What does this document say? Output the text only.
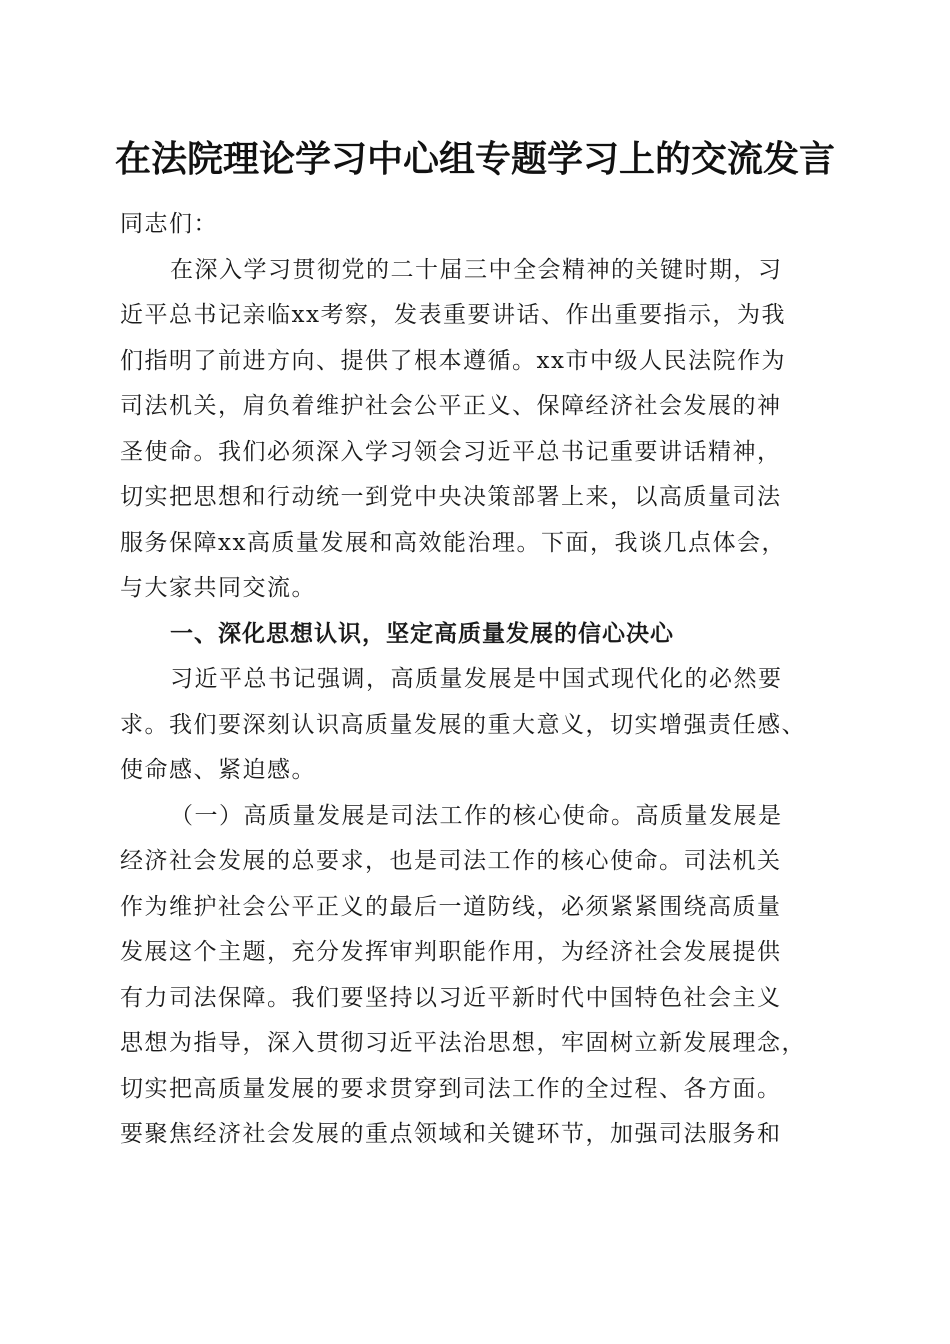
在法院理论学习中心组专题学习上的交流发言
同志们：
在深入学习贯彻党的二十届三中全会精神的关键时期，习
近平总书记亲临xx考察，发表重要讲话、作出重要指示，为我
们指明了前进方向、提供了根本遵循。xx市中级人民法院作为
司法机关，肩负着维护社会公平正义、保障经济社会发展的神
圣使命。我们必须深入学习领会习近平总书记重要讲话精神，
切实把思想和行动统一到党中央决策部署上来，以高质量司法
服务保障xx高质量发展和高效能治理。下面，我谈几点体会，
与大家共同交流。
一、深化思想认识，坚定高质量发展的信心决心
习近平总书记强调，高质量发展是中国式现代化的必然要
求。我们要深刻认识高质量发展的重大意义，切实增强责任感、
使命感、紧迫感。
（一）高质量发展是司法工作的核心使命。高质量发展是
经济社会发展的总要求，也是司法工作的核心使命。司法机关
作为维护社会公平正义的最后一道防线，必须紧紧围绕高质量
发展这个主题，充分发挥审判职能作用，为经济社会发展提供
有力司法保障。我们要坚持以习近平新时代中国特色社会主义
思想为指导，深入贯彻习近平法治思想，牢固树立新发展理念，
切实把高质量发展的要求贯穿到司法工作的全过程、各方面。
要聚焦经济社会发展的重点领域和关键环节，加强司法服务和
